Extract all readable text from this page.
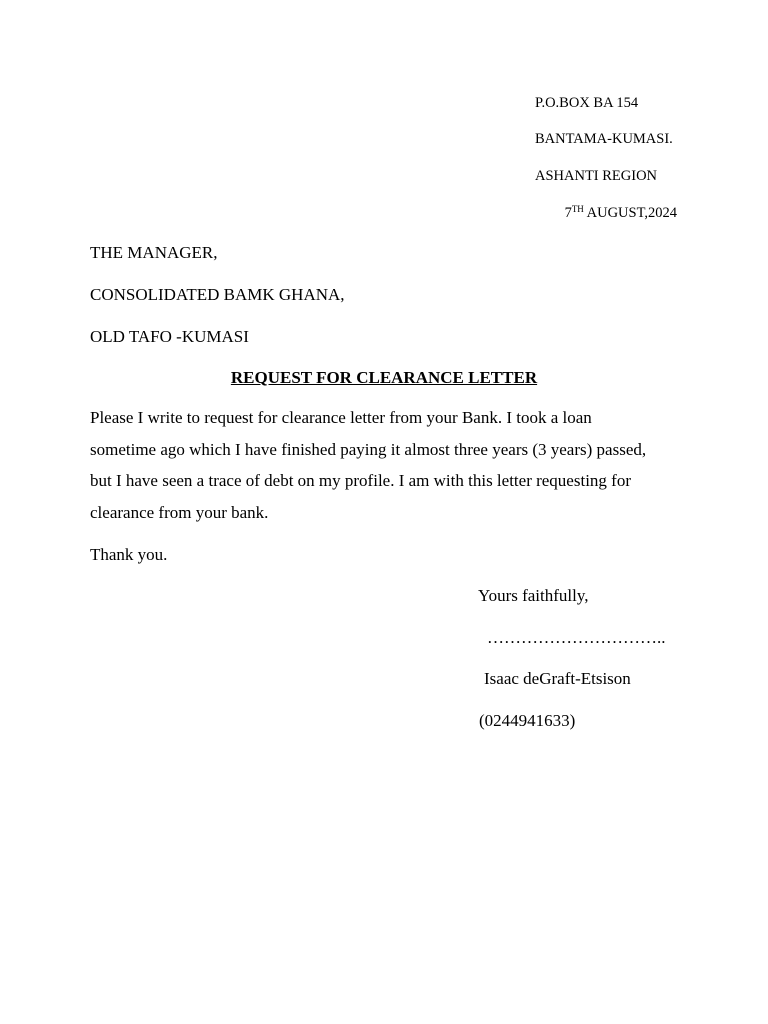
P.O.BOX BA 154
BANTAMA-KUMASI.
ASHANTI REGION
7TH AUGUST,2024
THE MANAGER,
CONSOLIDATED BAMK GHANA,
OLD TAFO -KUMASI
REQUEST FOR CLEARANCE LETTER
Please I write to request for clearance letter from your Bank. I took a loan
sometime ago which I have finished paying it almost three years (3 years) passed,
but I have seen a trace of debt on my profile. I am with this letter requesting for
clearance from your bank.
Thank you.
Yours faithfully,
…………………………..
Isaac deGraft-Etsison
(0244941633)
